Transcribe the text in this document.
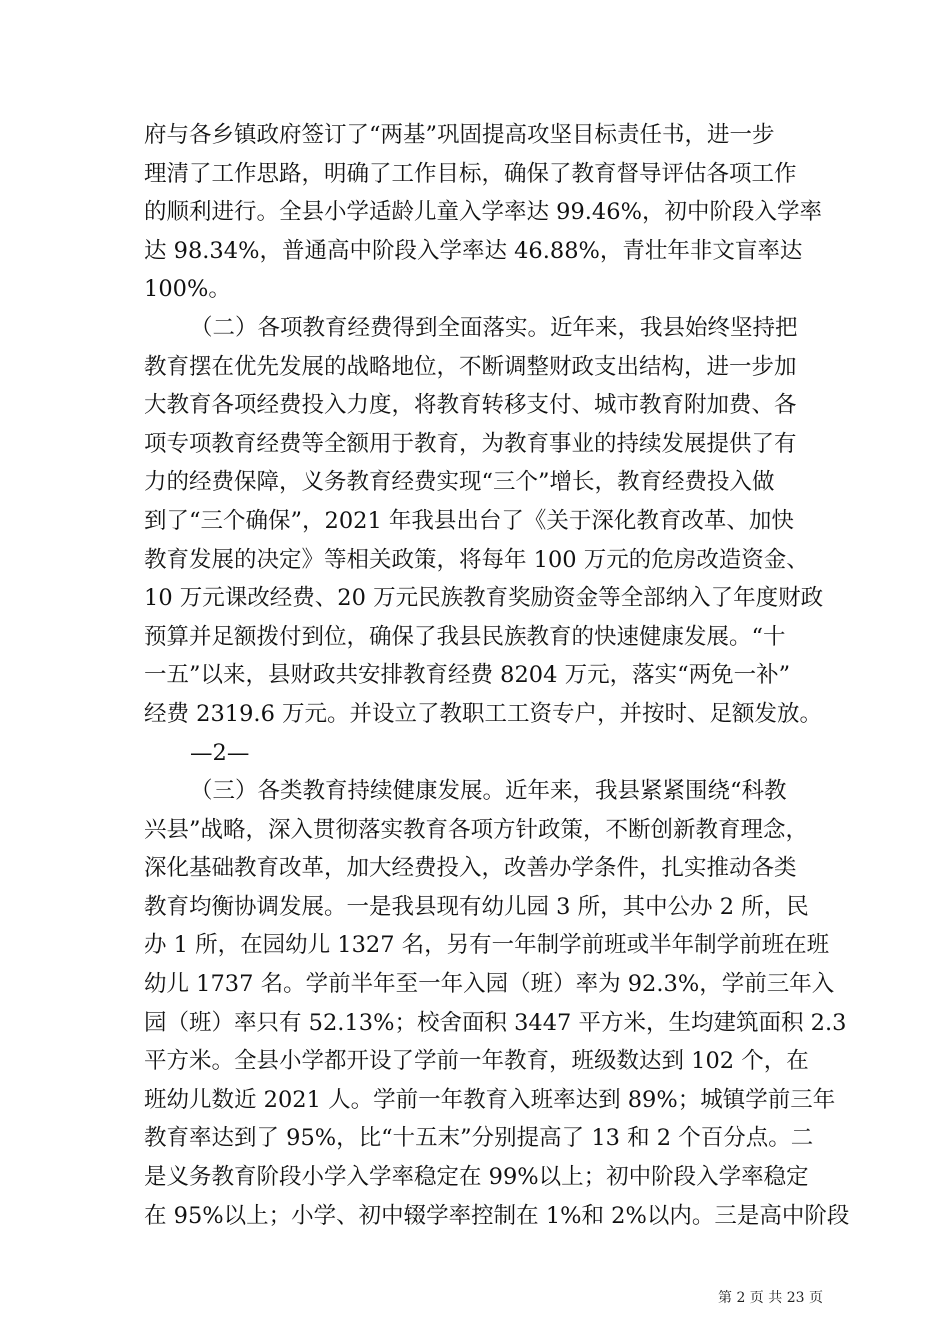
府与各乡镇政府签订了“两基”巩固提高攻坚目标责任书，进一步
理清了工作思路，明确了工作目标，确保了教育督导评估各项工作
的顺利进行。全县小学适龄儿童入学率达 99.46%，初中阶段入学率
达 98.34%，普通高中阶段入学率达 46.88%，青壮年非文盲率达
100%。
（二）各项教育经费得到全面落实。近年来，我县始终坚持把
教育摆在优先发展的战略地位，不断调整财政支出结构，进一步加
大教育各项经费投入力度，将教育转移支付、城市教育附加费、各
项专项教育经费等全额用于教育，为教育事业的持续发展提供了有
力的经费保障，义务教育经费实现“三个”增长，教育经费投入做
到了“三个确保”，2021 年我县出台了《关于深化教育改革、加快
教育发展的决定》等相关政策，将每年 100 万元的危房改造资金、
10 万元课改经费、20 万元民族教育奖励资金等全部纳入了年度财政
预算并足额拨付到位，确保了我县民族教育的快速健康发展。“十
一五”以来，县财政共安排教育经费 8204 万元，落实“两免一补”
经费 2319.6 万元。并设立了教职工工资专户，并按时、足额发放。
—2—
（三）各类教育持续健康发展。近年来，我县紧紧围绕“科教
兴县”战略，深入贯彻落实教育各项方针政策，不断创新教育理念，
深化基础教育改革，加大经费投入，改善办学条件，扎实推动各类
教育均衡协调发展。一是我县现有幼儿园 3 所，其中公办 2 所，民
办 1 所，在园幼儿 1327 名，另有一年制学前班或半年制学前班在班
幼儿 1737 名。学前半年至一年入园（班）率为 92.3%，学前三年入
园（班）率只有 52.13%；校舍面积 3447 平方米，生均建筑面积 2.3
平方米。全县小学都开设了学前一年教育，班级数达到 102 个，在
班幼儿数近 2021 人。学前一年教育入班率达到 89%；城镇学前三年
教育率达到了 95%，比“十五末”分别提高了 13 和 2 个百分点。二
是义务教育阶段小学入学率稳定在 99%以上；初中阶段入学率稳定
在 95%以上；小学、初中辍学率控制在 1%和 2%以内。三是高中阶段
第 2 页 共 23 页
